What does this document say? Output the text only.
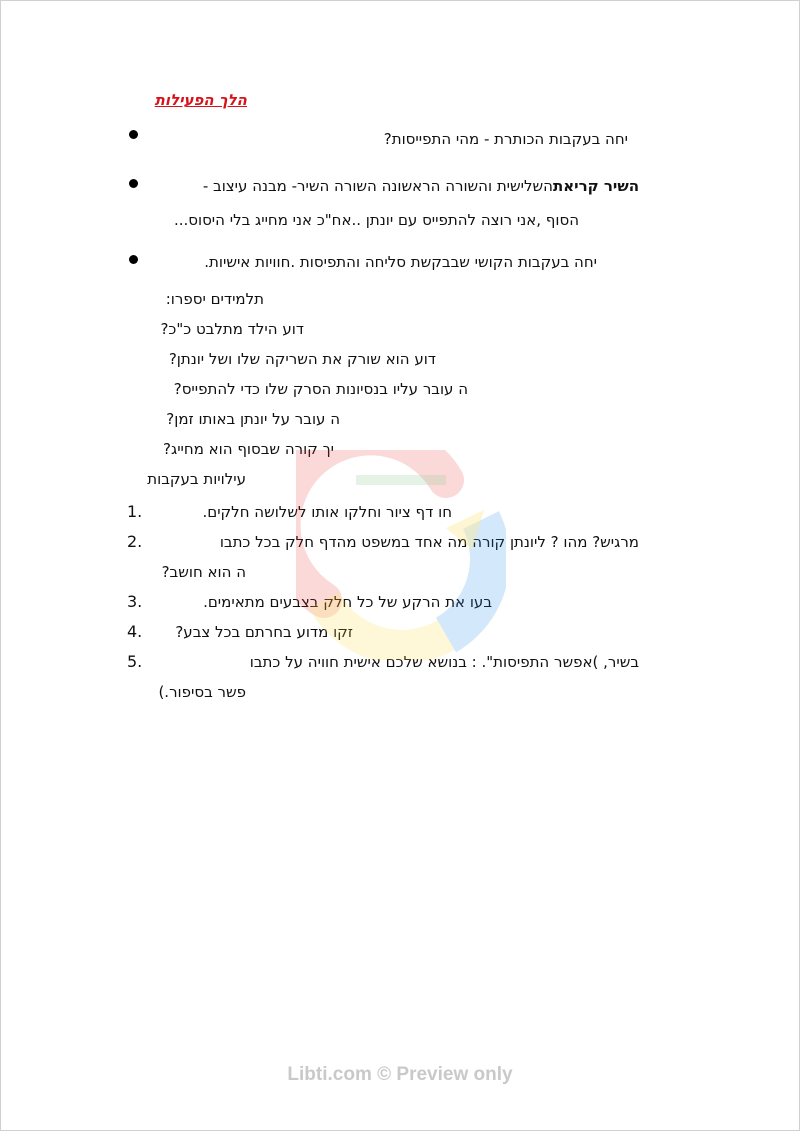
הלך הפעילות
יחה בעקבות הכותרת - מהי התפייסות?
השיר קריאתהשלישית והשורה הראשונה השורה השיר- מבנה עיצוב -
הסוף ,אני רוצה להתפייס עם יונתן ..אח"כ אני מחייג בלי היסוס...
יחה בעקבות הקושי שבבקשת סליחה והתפיסות .חוויות אישיות.
תלמידים יספרו:
דוע הילד מתלבט כ"כ?
דוע הוא שורק את השריקה שלו ושל יונתן?
ה עובר עליו בנסיונות הסרק שלו כדי להתפייס?
ה עובר על יונתן באותו זמן?
יך קורה שבסוף הוא מחייג?
עילויות בעקבות
1.	חו דף ציור וחלקו אותו לשלושה חלקים.
2.	מרגיש? מהו ? ליונתן קורה מה אחד במשפט מהדף חלק בכל כתבו
ה הוא חושב?
3.	בעו את הרקע של כל חלק בצבעים מתאימים.
4. זקו מדוע בחרתם בכל צבע?
5.	בשיר, )אפשר התפיסות". : בנושא שלכם אישית חוויה על כתבו
פשר בסיפור.)
Libti.com © Preview only
